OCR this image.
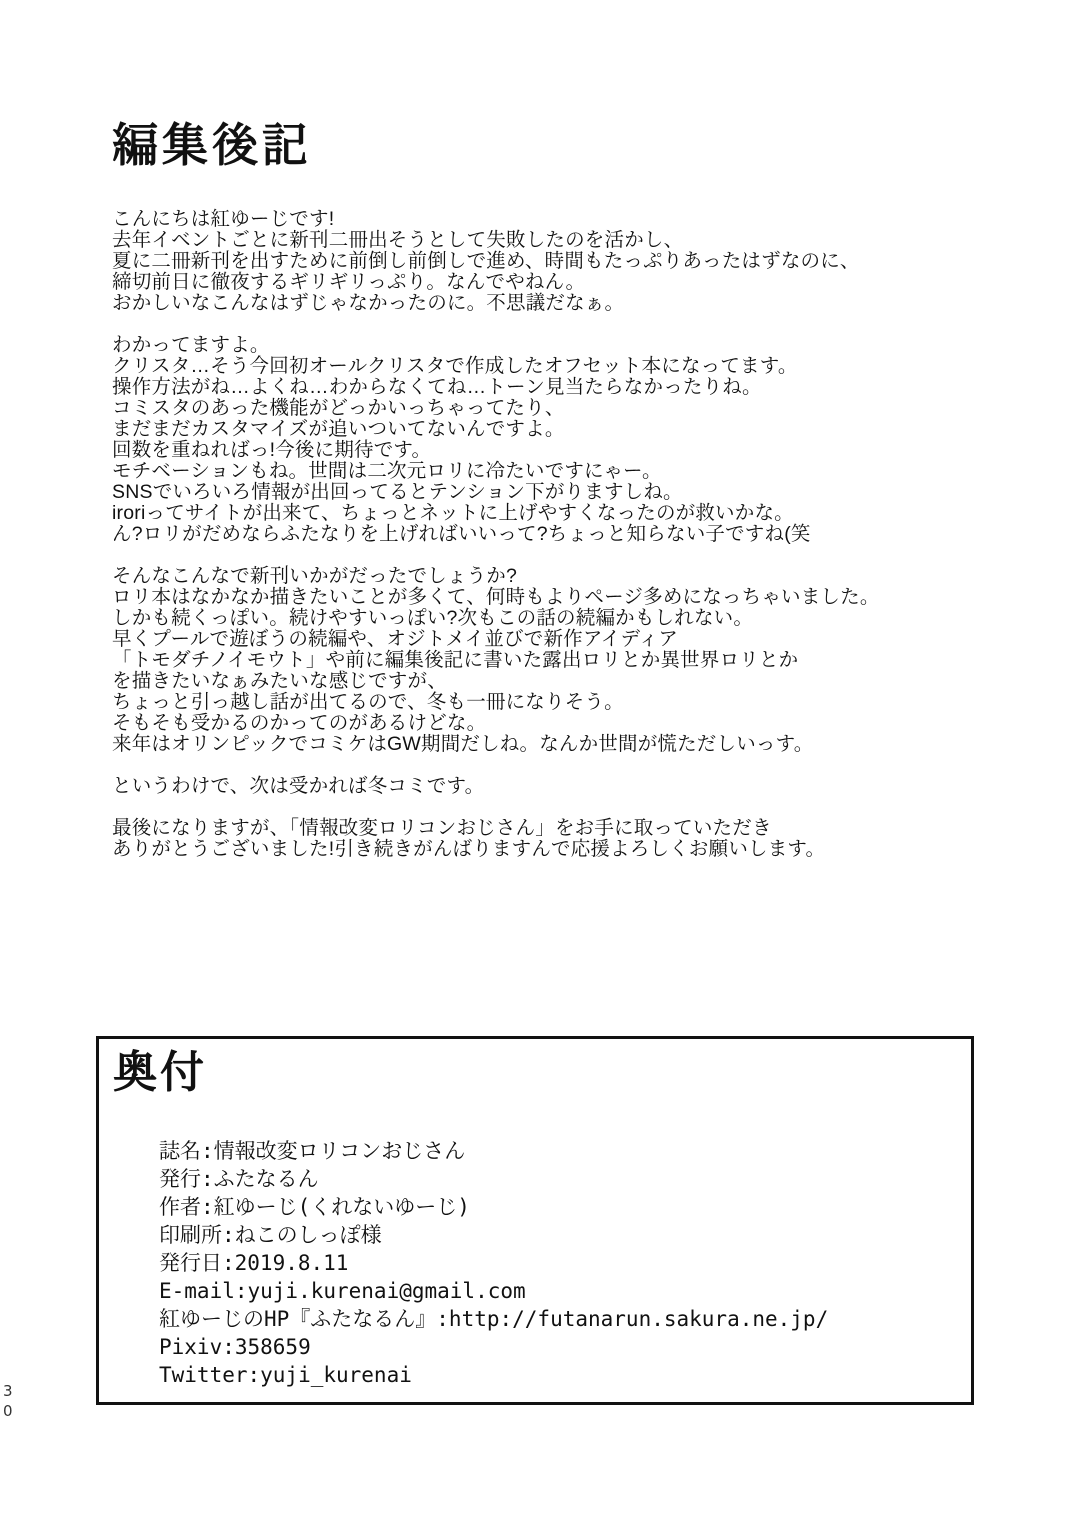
編集後記
こんにちは紅ゆーじです!
去年イベントごとに新刊二冊出そうとして失敗したのを活かし、
夏に二冊新刊を出すために前倒し前倒しで進め、時間もたっぷりあったはずなのに、
締切前日に徹夜するギリギリっぷり。なんでやねん。
おかしいなこんなはずじゃなかったのに。不思議だなぁ。
わかってますよ。
クリスタ…そう今回初オールクリスタで作成したオフセット本になってます。
操作方法がね…よくね…わからなくてね…トーン見当たらなかったりね。
コミスタのあった機能がどっかいっちゃってたり、
まだまだカスタマイズが追いついてないんですよ。
回数を重ねればっ!今後に期待です。
モチベーションもね。世間は二次元ロリに冷たいですにゃー。
SNSでいろいろ情報が出回ってるとテンション下がりますしね。
iroriってサイトが出来て、ちょっとネットに上げやすくなったのが救いかな。
ん?ロリがだめならふたなりを上げればいいって?ちょっと知らない子ですね(笑
そんなこんなで新刊いかがだったでしょうか?
ロリ本はなかなか描きたいことが多くて、何時もよりページ多めになっちゃいました。
しかも続くっぽい。続けやすいっぽい?次もこの話の続編かもしれない。
早くプールで遊ぼうの続編や、オジトメイ並びで新作アイディア
「トモダチノイモウト」や前に編集後記に書いた露出ロリとか異世界ロリとか
を描きたいなぁみたいな感じですが、
ちょっと引っ越し話が出てるので、冬も一冊になりそう。
そもそも受かるのかってのがあるけどな。
来年はオリンピックでコミケはGW期間だしね。なんか世間が慌ただしいっす。
というわけで、次は受かれば冬コミです。
最後になりますが、「情報改変ロリコンおじさん」をお手に取っていただき
ありがとうございました!引き続きがんばりますんで応援よろしくお願いします。
奥付
誌名:情報改変ロリコンおじさん
発行:ふたなるん
作者:紅ゆーじ(くれないゆーじ)
印刷所:ねこのしっぽ様
発行日:2019.8.11
E-mail:yuji.kurenai@gmail.com
紅ゆーじのHP『ふたなるん』:http://futanarun.sakura.ne.jp/
Pixiv:358659
Twitter:yuji_kurenai
30
